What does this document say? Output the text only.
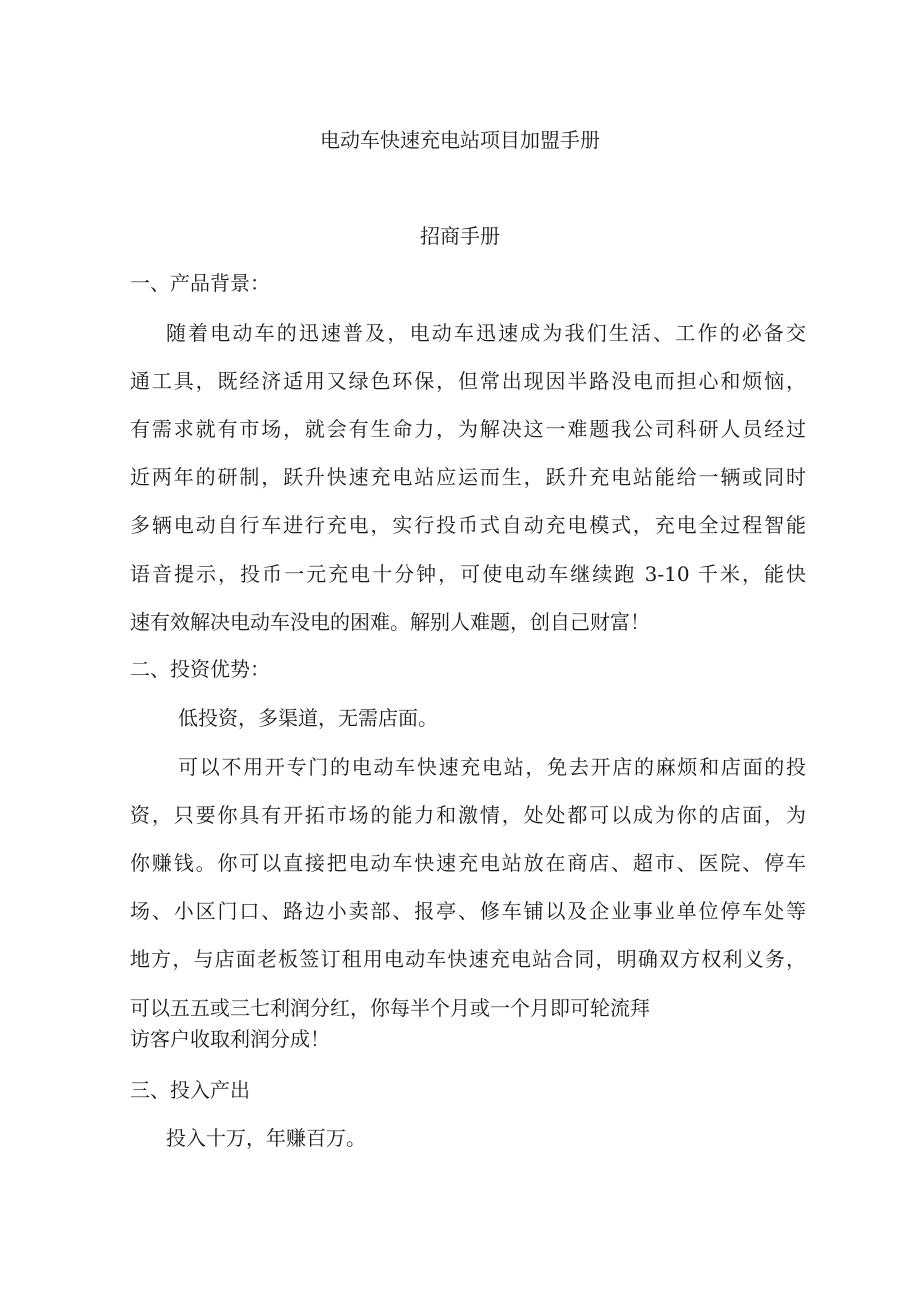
电动车快速充电站项目加盟手册

招商手册

一、产品背景：

随着电动车的迅速普及，电动车迅速成为我们生活、工作的必备交

通工具，既经济适用又绿色环保，但常出现因半路没电而担心和烦恼，

有需求就有市场，就会有生命力，为解决这一难题我公司科研人员经过

近两年的研制，跃升快速充电站应运而生，跃升充电站能给一辆或同时

多辆电动自行车进行充电，实行投币式自动充电模式，充电全过程智能

语音提示，投币一元充电十分钟，可使电动车继续跑 3-10 千米，能快

速有效解决电动车没电的困难。解别人难题，创自己财富！

二、投资优势：

低投资，多渠道，无需店面。

可以不用开专门的电动车快速充电站，免去开店的麻烦和店面的投

资，只要你具有开拓市场的能力和激情，处处都可以成为你的店面，为

你赚钱。你可以直接把电动车快速充电站放在商店、超市、医院、停车

场、小区门口、路边小卖部、报亭、修车铺以及企业事业单位停车处等

地方，与店面老板签订租用电动车快速充电站合同，明确双方权利义务，

可以五五或三七利润分红，你每半个月或一个月即可轮流拜

访客户收取利润分成！

三、投入产出

投入十万，年赚百万。
